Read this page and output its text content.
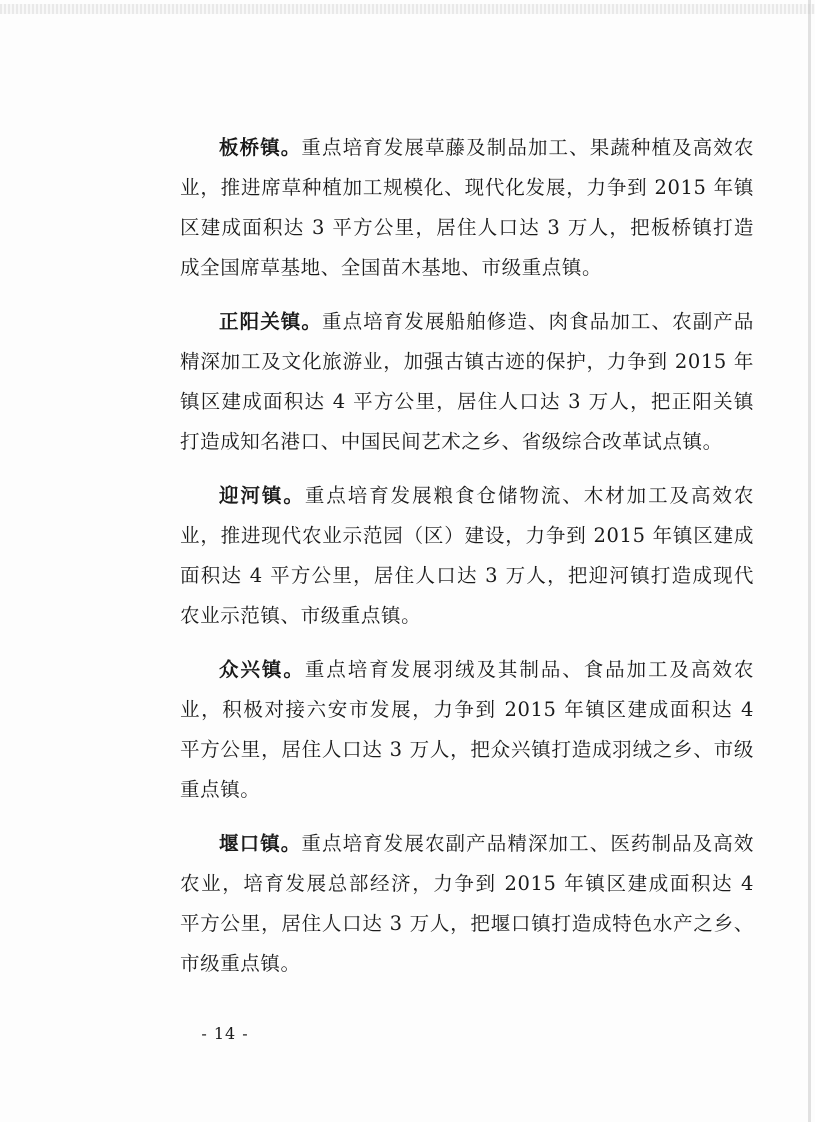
板桥镇。重点培育发展草藤及制品加工、果蔬种植及高效农业，推进席草种植加工规模化、现代化发展，力争到 2015 年镇区建成面积达 3 平方公里，居住人口达 3 万人，把板桥镇打造成全国席草基地、全国苗木基地、市级重点镇。

正阳关镇。重点培育发展船舶修造、肉食品加工、农副产品精深加工及文化旅游业，加强古镇古迹的保护，力争到 2015 年镇区建成面积达 4 平方公里，居住人口达 3 万人，把正阳关镇打造成知名港口、中国民间艺术之乡、省级综合改革试点镇。

迎河镇。重点培育发展粮食仓储物流、木材加工及高效农业，推进现代农业示范园（区）建设，力争到 2015 年镇区建成面积达 4 平方公里，居住人口达 3 万人，把迎河镇打造成现代农业示范镇、市级重点镇。

众兴镇。重点培育发展羽绒及其制品、食品加工及高效农业，积极对接六安市发展，力争到 2015 年镇区建成面积达 4 平方公里，居住人口达 3 万人，把众兴镇打造成羽绒之乡、市级重点镇。

堰口镇。重点培育发展农副产品精深加工、医药制品及高效农业，培育发展总部经济，力争到 2015 年镇区建成面积达 4 平方公里，居住人口达 3 万人，把堰口镇打造成特色水产之乡、市级重点镇。

- 14 -
